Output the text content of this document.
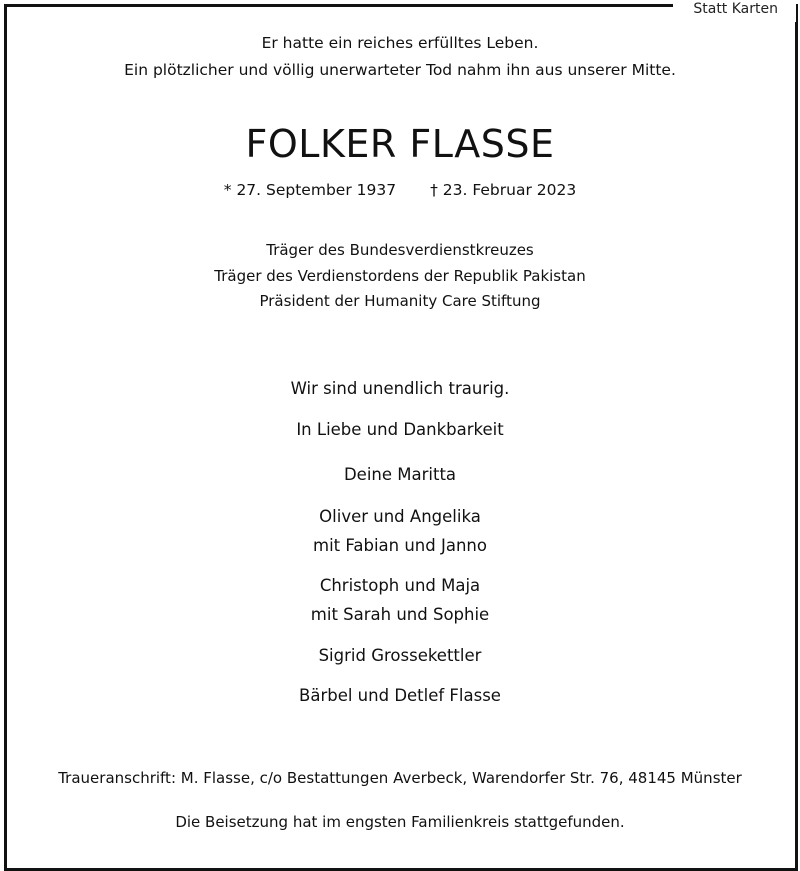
Statt Karten
Er hatte ein reiches erfülltes Leben.
Ein plötzlicher und völlig unerwarteter Tod nahm ihn aus unserer Mitte.
FOLKER FLASSE
* 27. September 1937 † 23. Februar 2023
Träger des Bundesverdienstkreuzes
Träger des Verdienstordens der Republik Pakistan
Präsident der Humanity Care Stiftung
Wir sind unendlich traurig.
In Liebe und Dankbarkeit
Deine Maritta
Oliver und Angelika
mit Fabian und Janno
Christoph und Maja
mit Sarah und Sophie
Sigrid Grossekettler
Bärbel und Detlef Flasse
Traueranschrift: M. Flasse, c/o Bestattungen Averbeck, Warendorfer Str. 76, 48145 Münster
Die Beisetzung hat im engsten Familienkreis stattgefunden.
